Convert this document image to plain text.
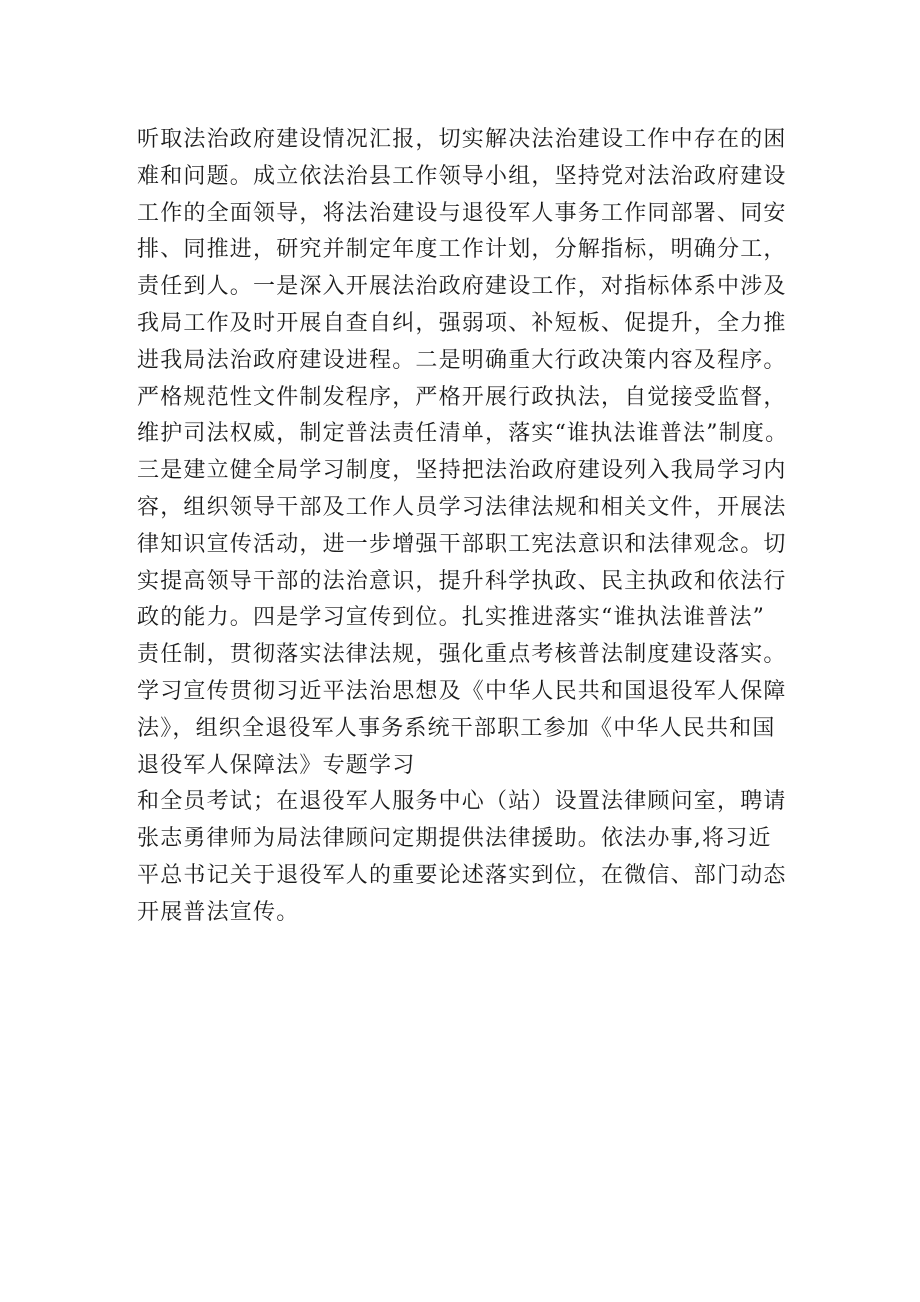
听取法治政府建设情况汇报，切实解决法治建设工作中存在的困
难和问题。成立依法治县工作领导小组，坚持党对法治政府建设
工作的全面领导，将法治建设与退役军人事务工作同部署、同安
排、同推进，研究并制定年度工作计划，分解指标，明确分工，
责任到人。一是深入开展法治政府建设工作，对指标体系中涉及
我局工作及时开展自查自纠，强弱项、补短板、促提升，全力推
进我局法治政府建设进程。二是明确重大行政决策内容及程序。
严格规范性文件制发程序，严格开展行政执法，自觉接受监督，
维护司法权威，制定普法责任清单，落实“谁执法谁普法”制度。
三是建立健全局学习制度，坚持把法治政府建设列入我局学习内
容，组织领导干部及工作人员学习法律法规和相关文件，开展法
律知识宣传活动，进一步增强干部职工宪法意识和法律观念。切
实提高领导干部的法治意识，提升科学执政、民主执政和依法行
政的能力。四是学习宣传到位。扎实推进落实“谁执法谁普法”
责任制，贯彻落实法律法规，强化重点考核普法制度建设落实。
学习宣传贯彻习近平法治思想及《中华人民共和国退役军人保障
法》，组织全退役军人事务系统干部职工参加《中华人民共和国
退役军人保障法》专题学习
和全员考试；在退役军人服务中心（站）设置法律顾问室，聘请
张志勇律师为局法律顾问定期提供法律援助。依法办事,将习近
平总书记关于退役军人的重要论述落实到位，在微信、部门动态
开展普法宣传。
